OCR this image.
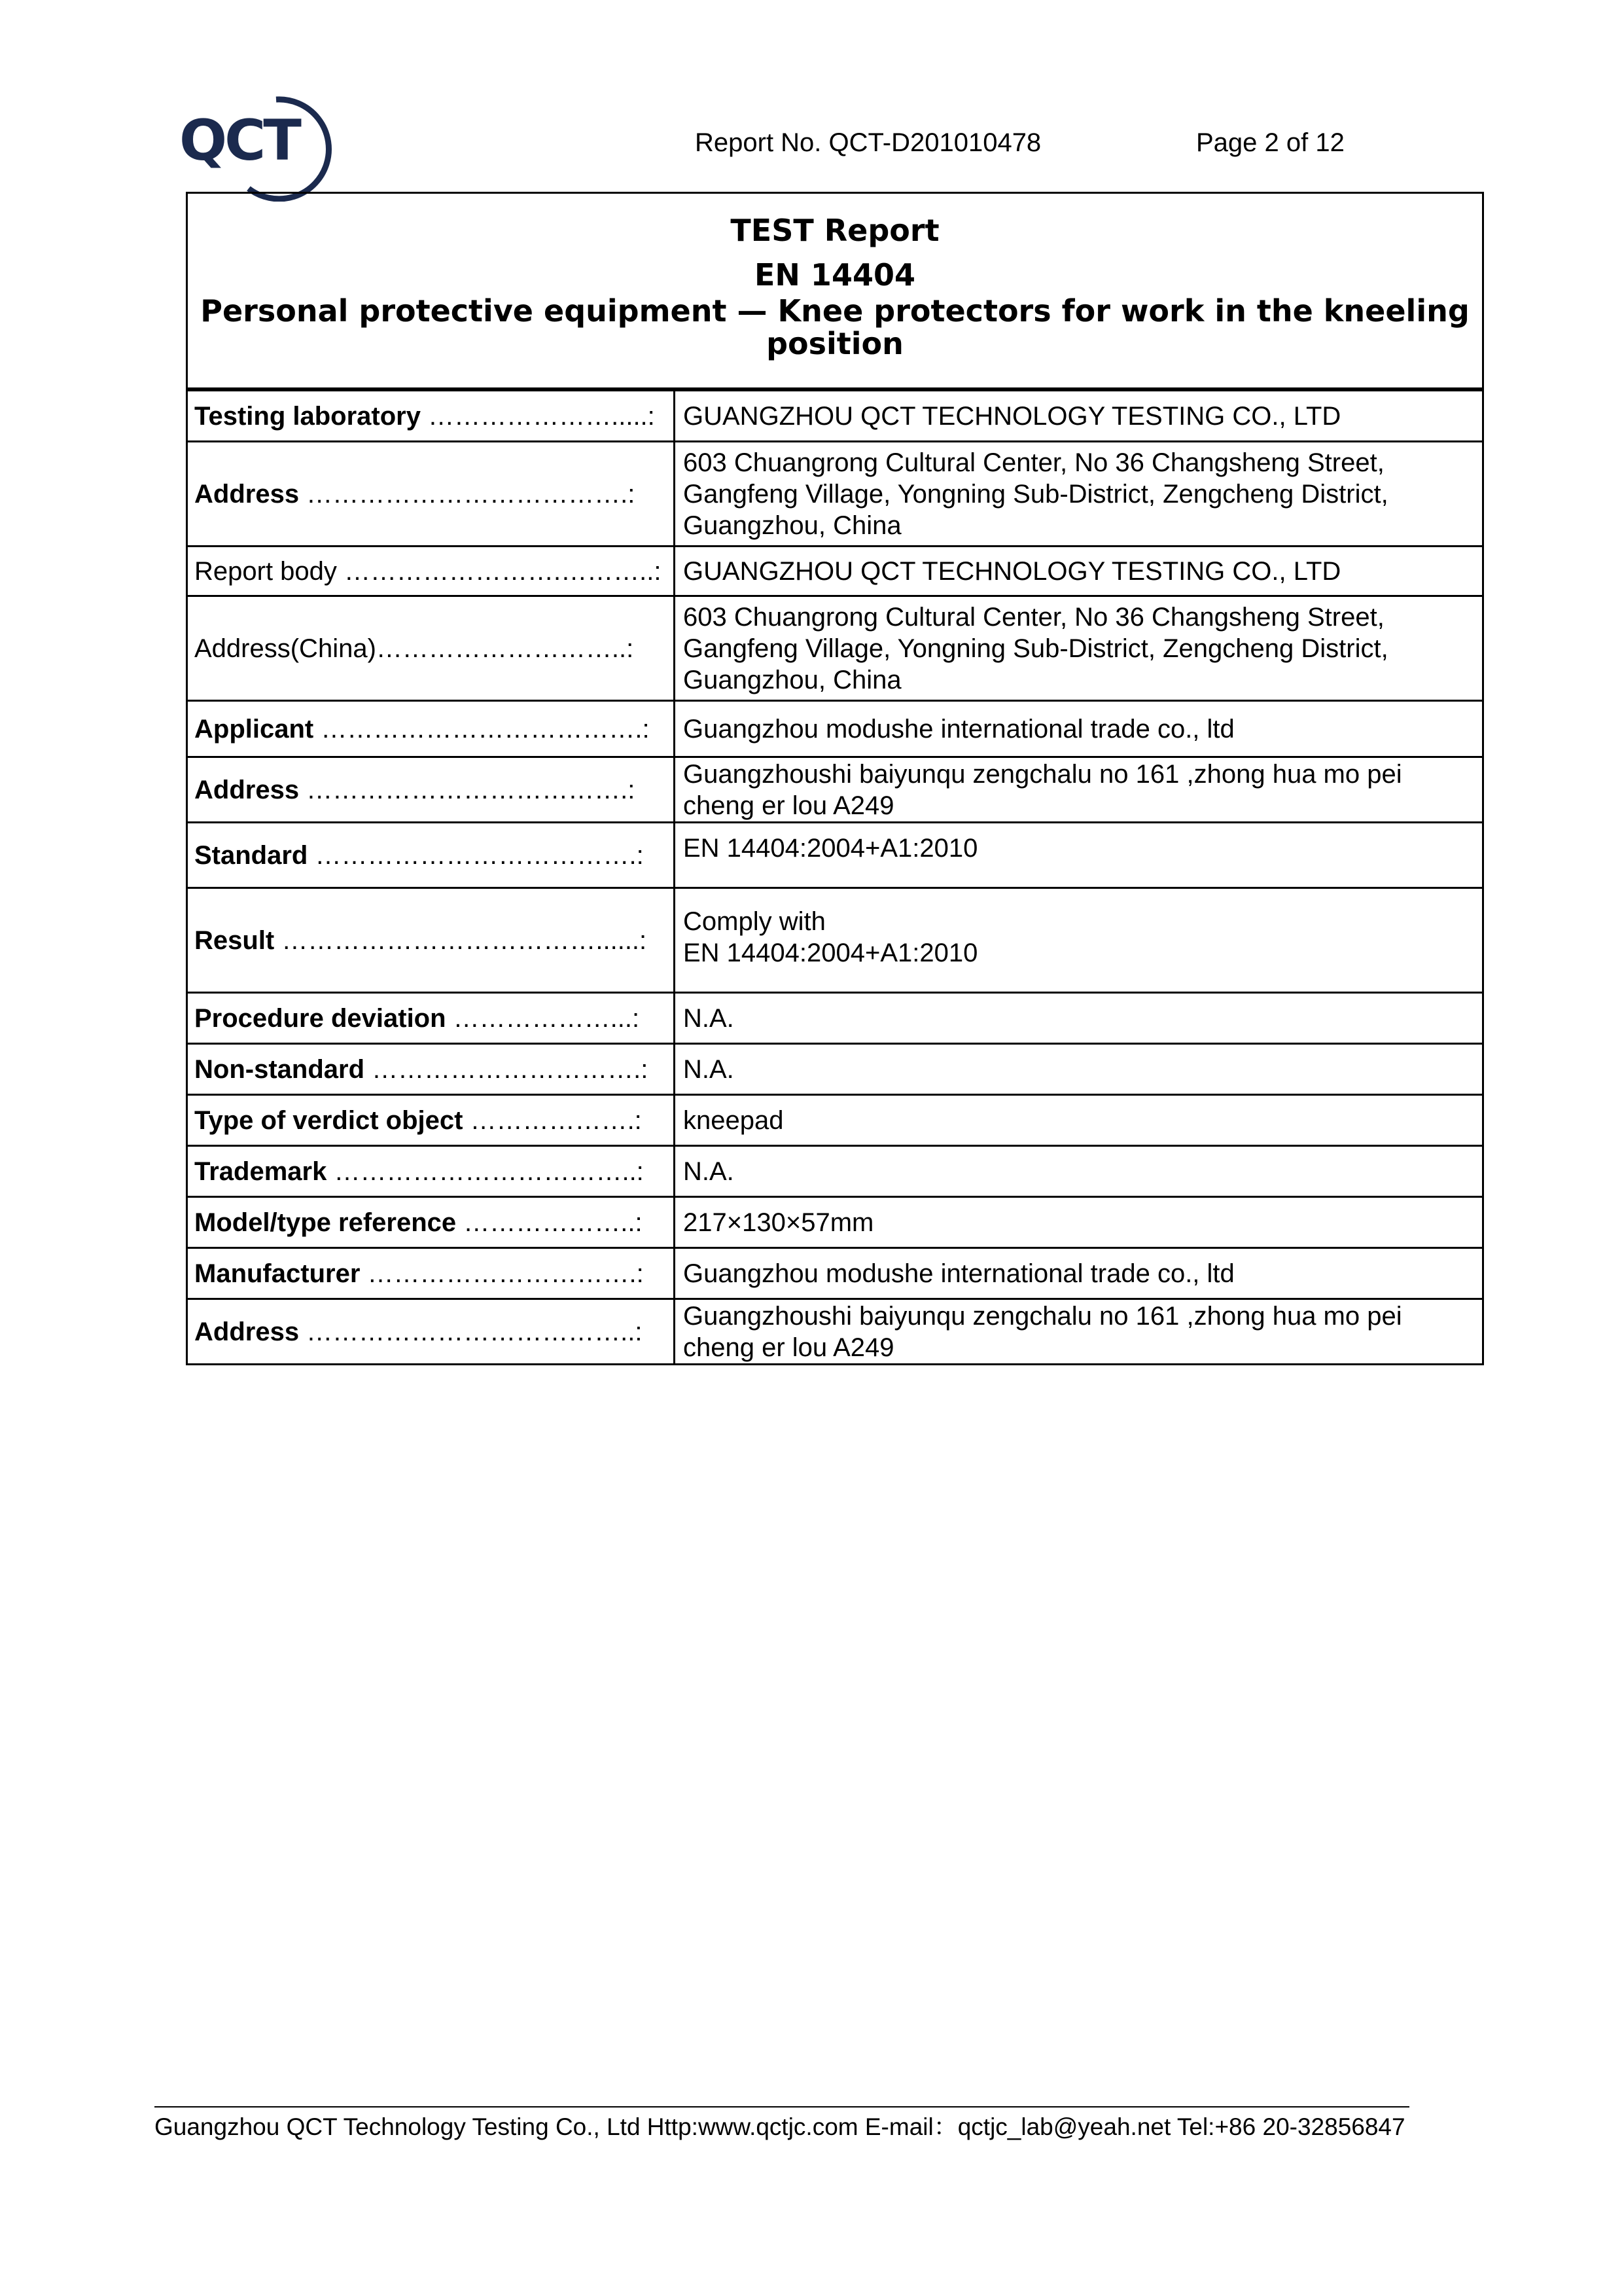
QCT	Report No. QCT-D201010478	Page 2 of 12
TEST Report
EN 14404
Personal protective equipment — Knee protectors for work in the kneeling position
Testing laboratory ………………….....:	GUANGZHOU QCT TECHNOLOGY TESTING CO., LTD
Address ……………………………….:	603 Chuangrong Cultural Center, No 36 Changsheng Street, Gangfeng Village, Yongning Sub-District, Zengcheng District, Guangzhou, China
Report body …………………….………..:	GUANGZHOU QCT TECHNOLOGY TESTING CO., LTD
Address(China)………………………..:	603 Chuangrong Cultural Center, No 36 Changsheng Street, Gangfeng Village, Yongning Sub-District, Zengcheng District, Guangzhou, China
Applicant ……………………………….:	Guangzhou modushe international trade co., ltd
Address ……………………………….:	Guangzhoushi baiyunqu zengchalu no 161 ,zhong hua mo pei cheng er lou A249
Standard ……………………………….:	EN 14404:2004+A1:2010
Result ………………………………......:	Comply with
EN 14404:2004+A1:2010
Procedure deviation ………………...:	N.A.
Non-standard ………………………….:	N.A.
Type of verdict object ……………….:	kneepad
Trademark ……………………………..:	N.A.
Model/type reference ………………..:	217×130×57mm
Manufacturer ………………………….:	Guangzhou modushe international trade co., ltd
Address ………………………………..:	Guangzhoushi baiyunqu zengchalu no 161 ,zhong hua mo pei cheng er lou A249
Guangzhou QCT Technology Testing Co., Ltd Http:www.qctjc.com E-mail：qctjc_lab@yeah.net Tel:+86 20-32856847
